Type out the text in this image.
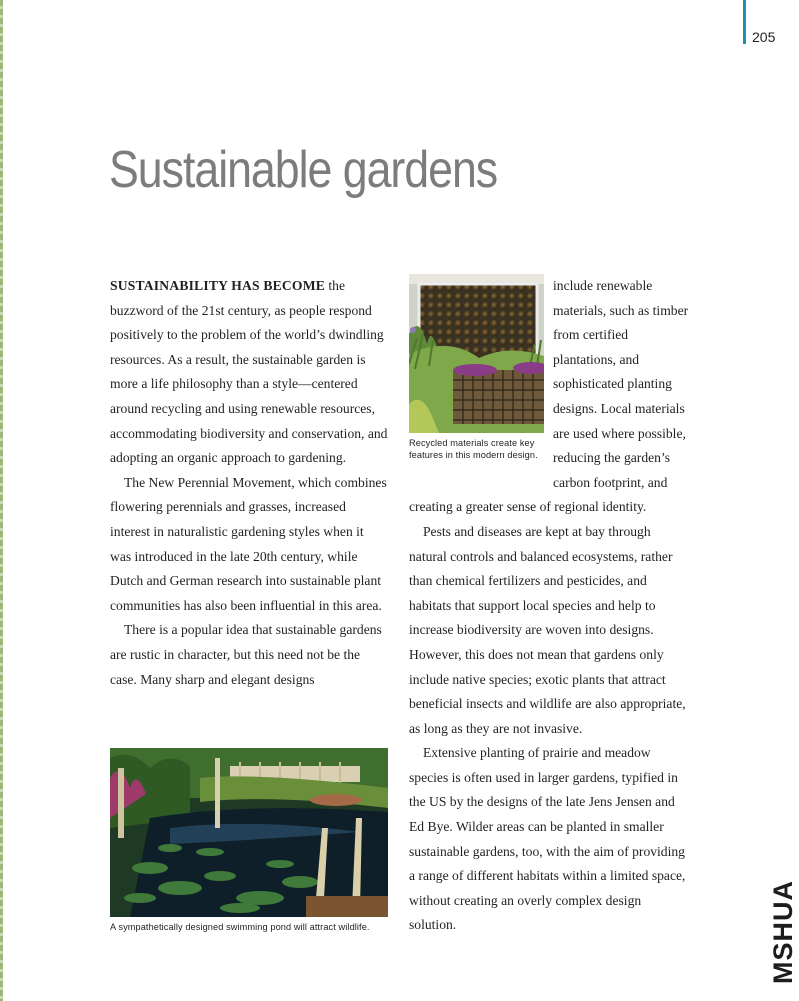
205
Sustainable gardens

SUSTAINABILITY HAS BECOME the buzzword of the 21st century, as people respond positively to the problem of the world’s dwindling resources. As a result, the sustainable garden is more a life philosophy than a style—centered around recycling and using renewable resources, accommodating biodiversity and conservation, and adopting an organic approach to gardening.

The New Perennial Movement, which combines flowering perennials and grasses, increased interest in naturalistic gardening styles when it was introduced in the late 20th century, while Dutch and German research into sustainable plant communities has also been influential in this area.

There is a popular idea that sustainable gardens are rustic in character, but this need not be the case. Many sharp and elegant designs

Recycled materials create key features in this modern design.

include renewable materials, such as timber from certified plantations, and sophisticated planting designs. Local materials are used where possible, reducing the garden’s carbon footprint, and creating a greater sense of regional identity.

Pests and diseases are kept at bay through natural controls and balanced ecosystems, rather than chemical fertilizers and pesticides, and habitats that support local species and help to increase biodiversity are woven into designs. However, this does not mean that gardens only include native species; exotic plants that attract beneficial insects and wildlife are also appropriate, as long as they are not invasive.

Extensive planting of prairie and meadow species is often used in larger gardens, typified in the US by the designs of the late Jens Jensen and Ed Bye. Wilder areas can be planted in smaller sustainable gardens, too, with the aim of providing a range of different habitats within a limited space, without creating an overly complex design solution.

A sympathetically designed swimming pond will attract wildlife.	MSHUA
